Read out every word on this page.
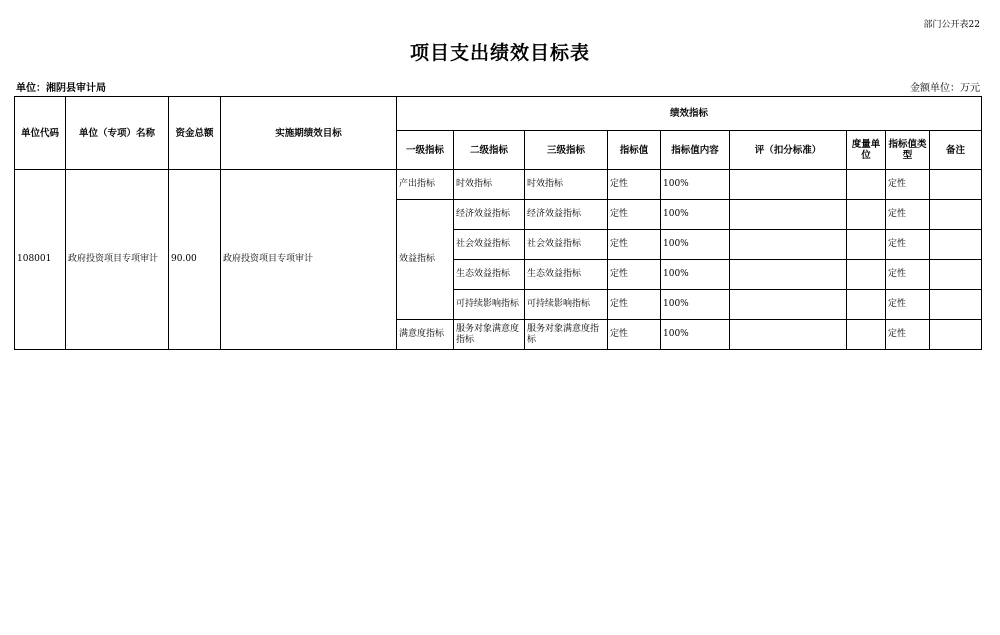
部门公开表22
项目支出绩效目标表
单位：湘阴县审计局	金额单位：万元
单位代码	单位（专项）名称	资金总额	实施期绩效目标	绩效指标								
				一级指标	二级指标	三级指标	指标值	指标值内容	评（扣分标准）	度量单位	指标值类型	备注
108001	政府投资项目专项审计	90.00	政府投资项目专项审计	产出指标	时效指标	时效指标	定性	100%			定性	
				效益指标	经济效益指标	经济效益指标	定性	100%			定性	
					社会效益指标	社会效益指标	定性	100%			定性	
					生态效益指标	生态效益指标	定性	100%			定性	
					可持续影响指标	可持续影响指标	定性	100%			定性	
				满意度指标	服务对象满意度指标	服务对象满意度指标	定性	100%			定性	
